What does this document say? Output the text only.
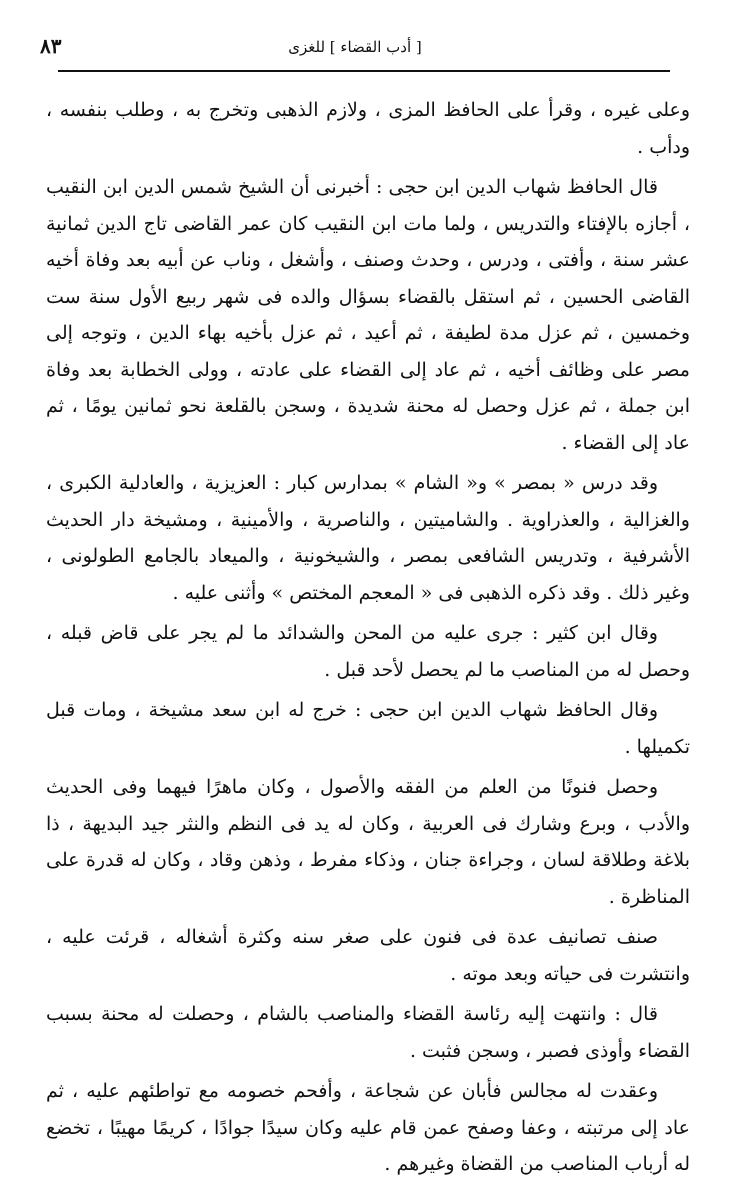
٨٣	[ أدب القضاء ] للغزى

وعلى غيره ، وقرأ على الحافظ المزى ، ولازم الذهبى وتخرج به ، وطلب بنفسه ، ودأب .

قال الحافظ شهاب الدين ابن حجى : أخبرنى أن الشيخ شمس الدين ابن النقيب ، أجازه بالإفتاء والتدريس ، ولما مات ابن النقيب كان عمر القاضى تاج الدين ثمانية عشر سنة ، وأفتى ، ودرس ، وحدث وصنف ، وأشغل ، وناب عن أبيه بعد وفاة أخيه القاضى الحسين ، ثم استقل بالقضاء بسؤال والده فى شهر ربيع الأول سنة ست وخمسين ، ثم عزل مدة لطيفة ، ثم أعيد ، ثم عزل بأخيه بهاء الدين ، وتوجه إلى مصر على وظائف أخيه ، ثم عاد إلى القضاء على عادته ، وولى الخطابة بعد وفاة ابن جملة ، ثم عزل وحصل له محنة شديدة ، وسجن بالقلعة نحو ثمانين يومًا ، ثم عاد إلى القضاء .

وقد درس « بمصر » و« الشام » بمدارس كبار : العزيزية ، والعادلية الكبرى ، والغزالية ، والعذراوية . والشاميتين ، والناصرية ، والأمينية ، ومشيخة دار الحديث الأشرفية ، وتدريس الشافعى بمصر ، والشيخونية ، والميعاد بالجامع الطولونى ، وغير ذلك . وقد ذكره الذهبى فى « المعجم المختص » وأثنى عليه .

وقال ابن كثير : جرى عليه من المحن والشدائد ما لم يجر على قاض قبله ، وحصل له من المناصب ما لم يحصل لأحد قبل .

وقال الحافظ شهاب الدين ابن حجى : خرج له ابن سعد مشيخة ، ومات قبل تكميلها .

وحصل فنونًا من العلم من الفقه والأصول ، وكان ماهرًا فيهما وفى الحديث والأدب ، وبرع وشارك فى العربية ، وكان له يد فى النظم والنثر جيد البديهة ، ذا بلاغة وطلاقة لسان ، وجراءة جنان ، وذكاء مفرط ، وذهن وقاد ، وكان له قدرة على المناظرة .

صنف تصانيف عدة فى فنون على صغر سنه وكثرة أشغاله ، قرئت عليه ، وانتشرت فى حياته وبعد موته .

قال : وانتهت إليه رئاسة القضاء والمناصب بالشام ، وحصلت له محنة بسبب القضاء وأوذى فصبر ، وسجن فثبت .

وعقدت له مجالس فأبان عن شجاعة ، وأفحم خصومه مع تواطئهم عليه ، ثم عاد إلى مرتبته ، وعفا وصفح عمن قام عليه وكان سيدًا جوادًا ، كريمًا مهيبًا ، تخضع له أرباب المناصب من القضاة وغيرهم .
